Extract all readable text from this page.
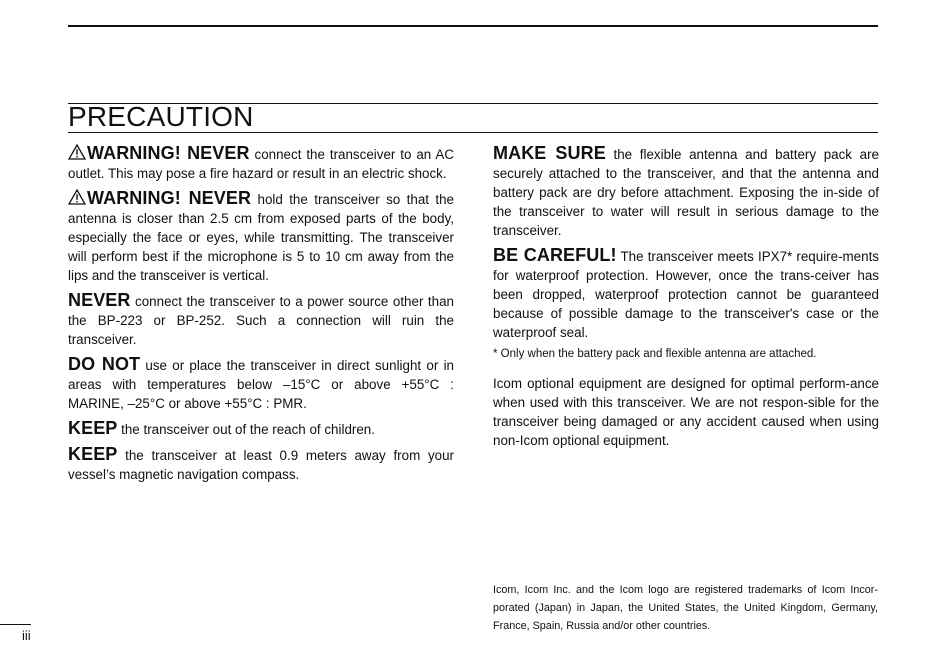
PRECAUTION

WARNING! NEVER connect the transceiver to an AC outlet. This may pose a fire hazard or result in an electric shock.

WARNING! NEVER hold the transceiver so that the antenna is closer than 2.5 cm from exposed parts of the body, especially the face or eyes, while transmitting. The transceiver will perform best if the microphone is 5 to 10 cm away from the lips and the transceiver is vertical.

NEVER connect the transceiver to a power source other than the BP-223 or BP-252. Such a connection will ruin the transceiver.

DO NOT use or place the transceiver in direct sunlight or in areas with temperatures below –15°C or above +55°C : MARINE, –25°C or above +55°C : PMR.

KEEP the transceiver out of the reach of children.

KEEP the transceiver at least 0.9 meters away from your vessel’s magnetic navigation compass.

MAKE SURE the flexible antenna and battery pack are securely attached to the transceiver, and that the antenna and battery pack are dry before attachment. Exposing the in-side of the transceiver to water will result in serious damage to the transceiver.

BE CAREFUL! The transceiver meets IPX7* require-ments for waterproof protection. However, once the trans-ceiver has been dropped, waterproof protection cannot be guaranteed because of possible damage to the transceiver's case or the waterproof seal.

* Only when the battery pack and flexible antenna are attached.

Icom optional equipment are designed for optimal perform-ance when used with this transceiver. We are not respon-sible for the transceiver being damaged or any accident caused when using non-Icom optional equipment.

Icom, Icom Inc. and the Icom logo are registered trademarks of Icom Incor-porated (Japan) in Japan, the United States, the United Kingdom, Germany, France, Spain, Russia and/or other countries.
iii
